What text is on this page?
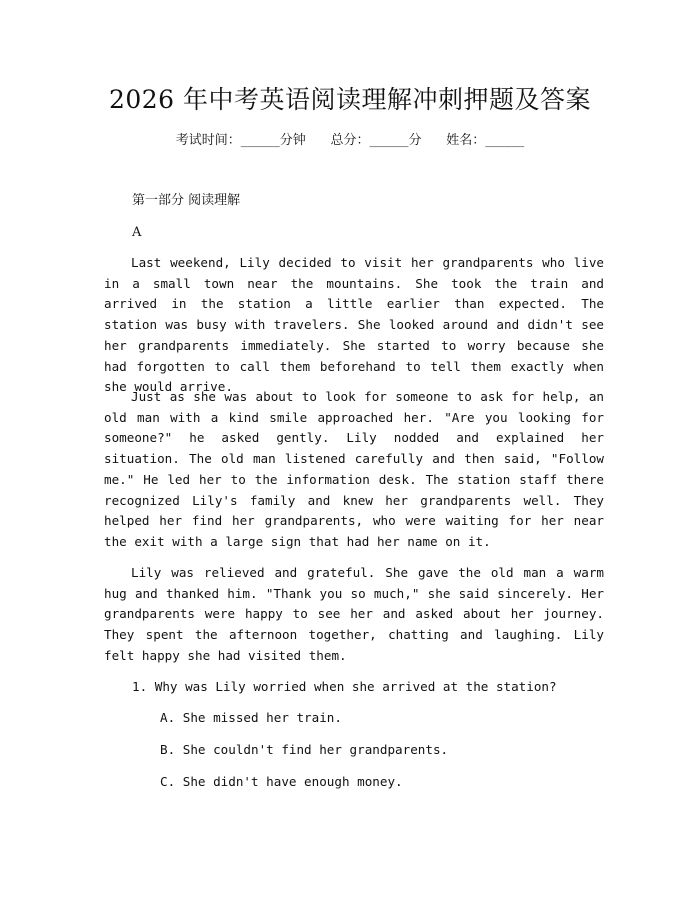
2026 年中考英语阅读理解冲刺押题及答案
考试时间：______分钟      总分：______分      姓名：______
第一部分 阅读理解
A

Last weekend, Lily decided to visit her grandparents who live in a small town near the mountains. She took the train and arrived in the station a little earlier than expected. The station was busy with travelers. She looked around and didn't see her grandparents immediately. She started to worry because she had forgotten to call them beforehand to tell them exactly when she would arrive.

Just as she was about to look for someone to ask for help, an old man with a kind smile approached her. "Are you looking for someone?" he asked gently. Lily nodded and explained her situation. The old man listened carefully and then said, "Follow me." He led her to the information desk. The station staff there recognized Lily's family and knew her grandparents well. They helped her find her grandparents, who were waiting for her near the exit with a large sign that had her name on it.

Lily was relieved and grateful. She gave the old man a warm hug and thanked him. "Thank you so much," she said sincerely. Her grandparents were happy to see her and asked about her journey. They spent the afternoon together, chatting and laughing. Lily felt happy she had visited them.

1. Why was Lily worried when she arrived at the station?
A. She missed her train.
B. She couldn't find her grandparents.
C. She didn't have enough money.
